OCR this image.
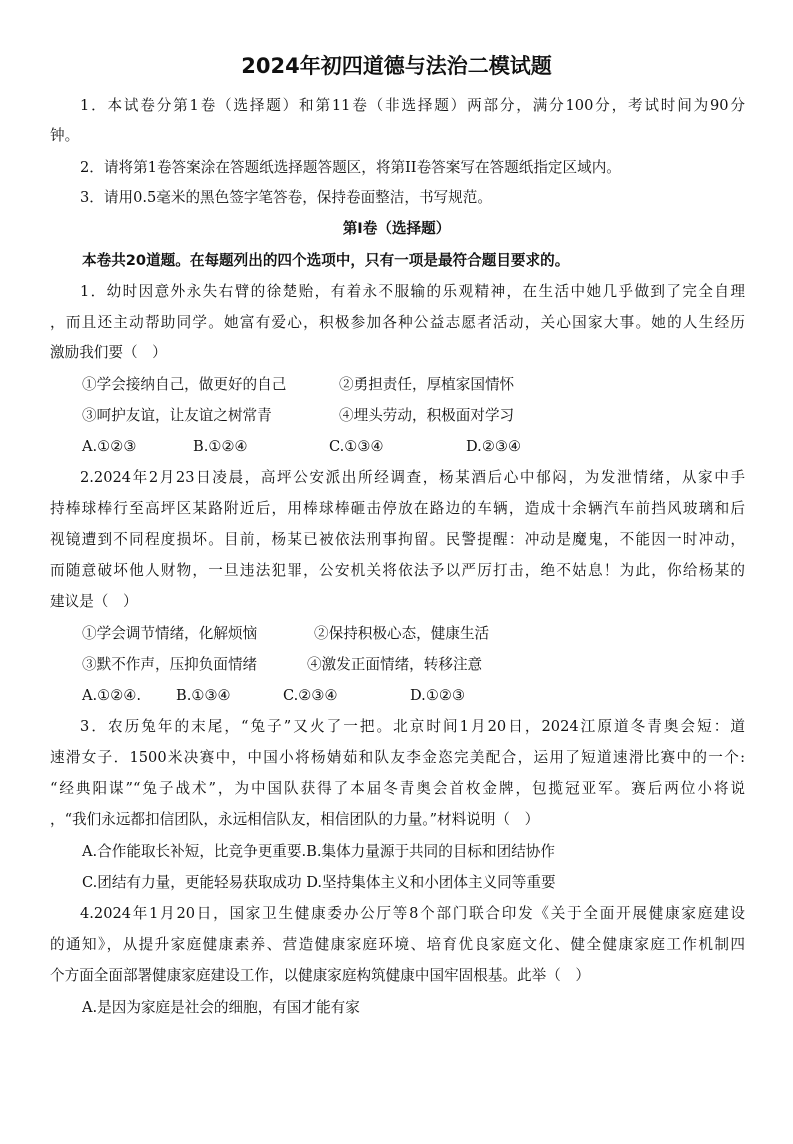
2024年初四道德与法治二模试题
1．本试卷分第1卷（选择题）和第11卷（非选择题）两部分，满分100分，考试时间为90分
钟。
2．请将第1卷答案涂在答题纸选择题答题区，将第II卷答案写在答题纸指定区域内。
3．请用0.5毫米的黑色签字笔答卷，保持卷面整洁，书写规范。
第I卷（选择题）
本卷共20道题。在每题列出的四个选项中，只有一项是最符合题目要求的。
1．幼时因意外永失右臂的徐楚贻，有着永不服输的乐观精神，在生活中她几乎做到了完全自理
，而且还主动帮助同学。她富有爱心，积极参加各种公益志愿者活动，关心国家大事。她的人生经历
激励我们要（　）
①学会接纳自己，做更好的自己	②勇担责任，厚植家国情怀
③呵护友谊，让友谊之树常青	④埋头劳动，积极面对学习
A.①②③	B.①②④	C.①③④	D.②③④
2.2024年2月23日凌晨，高坪公安派出所经调查，杨某酒后心中郁闷，为发泄情绪，从家中手
持棒球棒行至高坪区某路附近后，用棒球棒砸击停放在路边的车辆，造成十余辆汽车前挡风玻璃和后
视镜遭到不同程度损坏。目前，杨某已被依法刑事拘留。民警提醒：冲动是魔鬼，不能因一时冲动，
而随意破坏他人财物，一旦违法犯罪，公安机关将依法予以严厉打击，绝不姑息！为此，你给杨某的
建议是（　）
①学会调节情绪，化解烦恼	②保持积极心态，健康生活
③默不作声，压抑负面情绪	④激发正面情绪，转移注意
A.①②④. B.①③④	C.②③④	D.①②③
3．农历兔年的末尾，“兔子”又火了一把。北京时间1月20日，2024江原道冬青奥会短：道
速滑女子．1500米决赛中，中国小将杨婧茹和队友李金恣完美配合，运用了短道速滑比赛中的一个:
“经典阳谋”“兔子战术”，为中国队获得了本届冬青奥会首枚金牌，包揽冠亚军。赛后两位小将说
，“我们永远都扣信团队，永远相信队友，相信团队的力量。”材料说明（　）
A.合作能取长补短，比竞争更重要.B.集体力量源于共同的目标和团结协作
C.团结有力量，更能轻易获取成功 D.坚持集体主义和小团体主义同等重要
4.2024年1月20日，国家卫生健康委办公厅等8个部门联合印发《关于全面开展健康家庭建设
的通知》，从提升家庭健康素养、营造健康家庭环境、培育优良家庭文化、健全健康家庭工作机制四
个方面全面部署健康家庭建设工作，以健康家庭构筑健康中国牢固根基。此举（　）
A.是因为家庭是社会的细胞，有国才能有家
